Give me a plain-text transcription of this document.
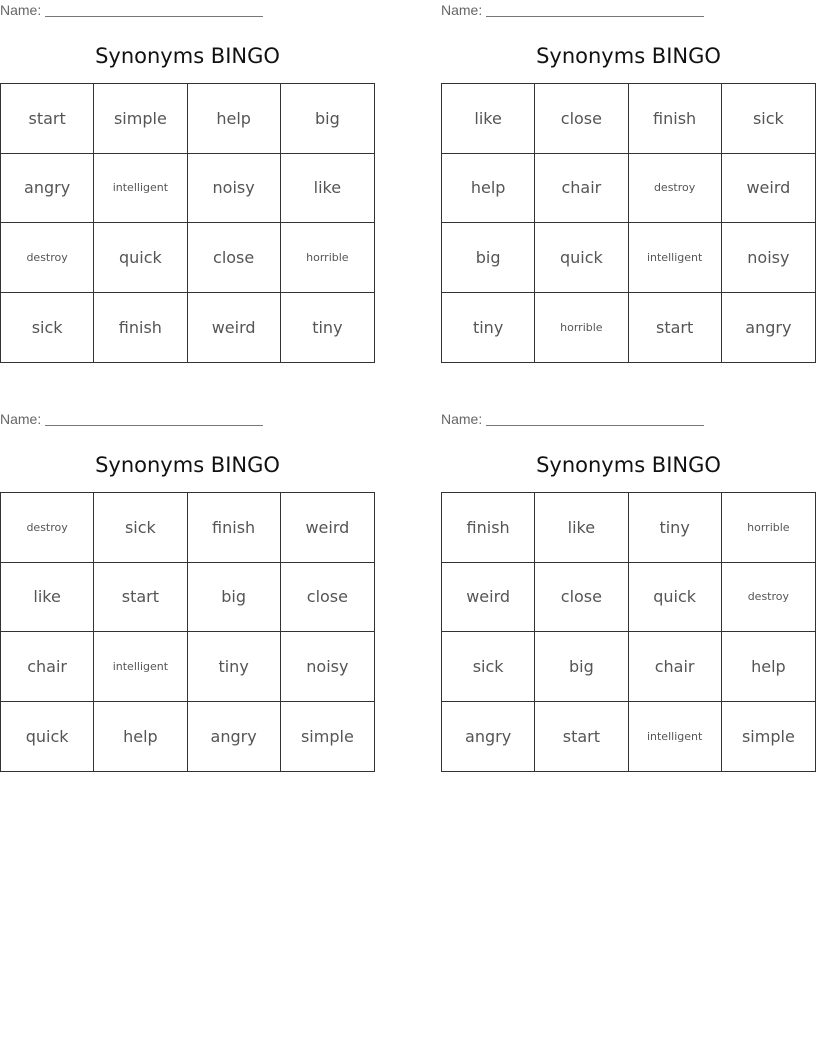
Name:
Synonyms BINGO
start	simple	help	big
angry	intelligent	noisy	like
destroy	quick	close	horrible
sick	finish	weird	tiny
Name:
Synonyms BINGO
like	close	finish	sick
help	chair	destroy	weird
big	quick	intelligent	noisy
tiny	horrible	start	angry
Name:
Synonyms BINGO
destroy	sick	finish	weird
like	start	big	close
chair	intelligent	tiny	noisy
quick	help	angry	simple
Name:
Synonyms BINGO
finish	like	tiny	horrible
weird	close	quick	destroy
sick	big	chair	help
angry	start	intelligent	simple
